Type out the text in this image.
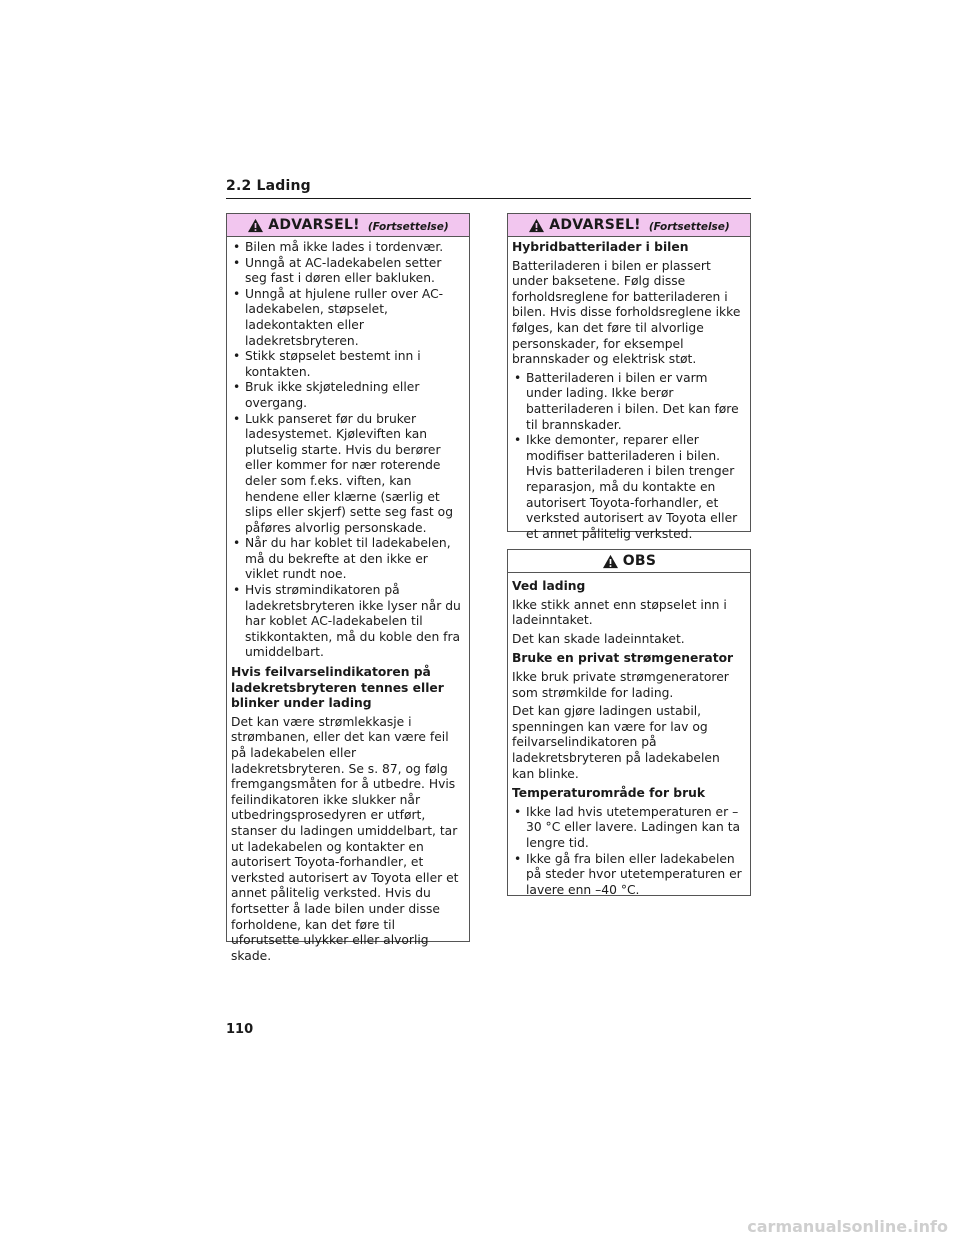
2.2 Lading
ADVARSEL! (Fortsettelse)
• Bilen må ikke lades i tordenvær.
• Unngå at AC-ladekabelen setter seg fast i døren eller bakluken.
• Unngå at hjulene ruller over AC-ladekabelen, støpselet, ladekontakten eller ladekretsbryteren.
• Stikk støpselet bestemt inn i kontakten.
• Bruk ikke skjøteledning eller overgang.
• Lukk panseret før du bruker ladesystemet. Kjøleviften kan plutselig starte. Hvis du berører eller kommer for nær roterende deler som f.eks. viften, kan hendene eller klærne (særlig et slips eller skjerf) sette seg fast og påføres alvorlig personskade.
• Når du har koblet til ladekabelen, må du bekrefte at den ikke er viklet rundt noe.
• Hvis strømindikatoren på ladekretsbryteren ikke lyser når du har koblet AC-ladekabelen til stikkontakten, må du koble den fra umiddelbart.
Hvis feilvarselindikatoren på ladekretsbryteren tennes eller blinker under lading
Det kan være strømlekkasje i strømbanen, eller det kan være feil på ladekabelen eller ladekretsbryteren. Se s. 87, og følg fremgangsmåten for å utbedre. Hvis feilindikatoren ikke slukker når utbedringsprosedyren er utført, stanser du ladingen umiddelbart, tar ut ladekabelen og kontakter en autorisert Toyota-forhandler, et verksted autorisert av Toyota eller et annet pålitelig verksted. Hvis du fortsetter å lade bilen under disse forholdene, kan det føre til uforutsette ulykker eller alvorlig skade.
ADVARSEL! (Fortsettelse)
Hybridbatterilader i bilen
Batteriladeren i bilen er plassert under baksetene. Følg disse forholdsreglene for batteriladeren i bilen. Hvis disse forholdsreglene ikke følges, kan det føre til alvorlige personskader, for eksempel brannskader og elektrisk støt.
• Batteriladeren i bilen er varm under lading. Ikke berør batteriladeren i bilen. Det kan føre til brannskader.
• Ikke demonter, reparer eller modifiser batteriladeren i bilen. Hvis batteriladeren i bilen trenger reparasjon, må du kontakte en autorisert Toyota-forhandler, et verksted autorisert av Toyota eller et annet pålitelig verksted.
OBS
Ved lading
Ikke stikk annet enn støpselet inn i ladeinntaket.
Det kan skade ladeinntaket.
Bruke en privat strømgenerator
Ikke bruk private strømgeneratorer som strømkilde for lading.
Det kan gjøre ladingen ustabil, spenningen kan være for lav og feilvarselindikatoren på ladekretsbryteren på ladekabelen kan blinke.
Temperaturområde for bruk
• Ikke lad hvis utetemperaturen er –30 °C eller lavere. Ladingen kan ta lengre tid.
• Ikke gå fra bilen eller ladekabelen på steder hvor utetemperaturen er lavere enn –40 °C.
110
carmanualsonline.info
